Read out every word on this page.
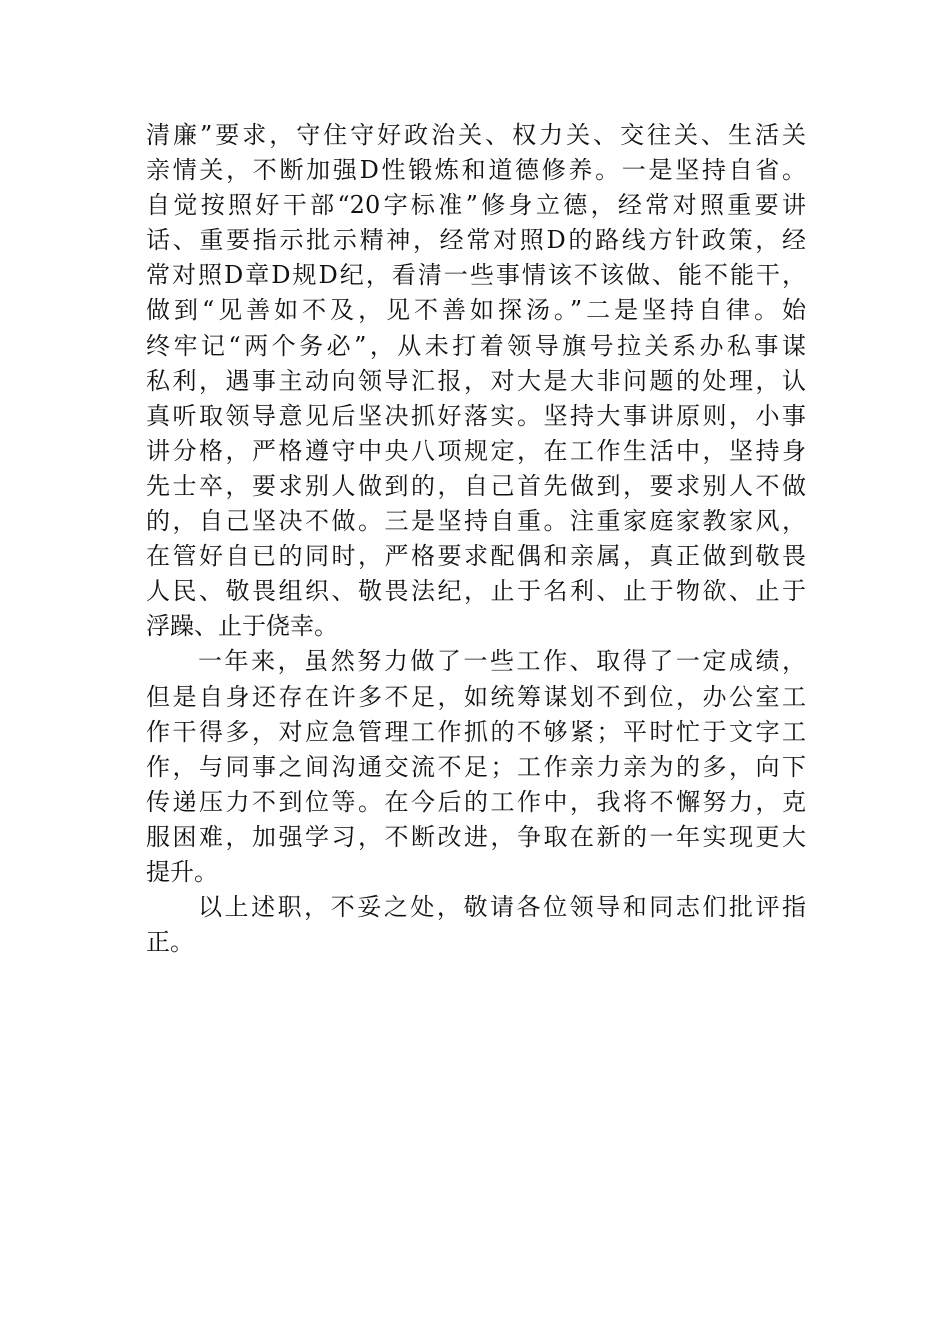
清廉”要求，守住守好政治关、权力关、交往关、生活关
亲情关，不断加强D性锻炼和道德修养。一是坚持自省。
自觉按照好干部“20字标准”修身立德，经常对照重要讲
话、重要指示批示精神，经常对照D的路线方针政策，经
常对照D章D规D纪，看清一些事情该不该做、能不能干，
做到“见善如不及，见不善如探汤。”二是坚持自律。始
终牢记“两个务必”，从未打着领导旗号拉关系办私事谋
私利，遇事主动向领导汇报，对大是大非问题的处理，认
真听取领导意见后坚决抓好落实。坚持大事讲原则，小事
讲分格，严格遵守中央八项规定，在工作生活中，坚持身
先士卒，要求别人做到的，自己首先做到，要求别人不做
的，自己坚决不做。三是坚持自重。注重家庭家教家风，
在管好自已的同时，严格要求配偶和亲属，真正做到敬畏
人民、敬畏组织、敬畏法纪，止于名利、止于物欲、止于
浮躁、止于侥幸。
一年来，虽然努力做了一些工作、取得了一定成绩，
但是自身还存在许多不足，如统筹谋划不到位，办公室工
作干得多，对应急管理工作抓的不够紧；平时忙于文字工
作，与同事之间沟通交流不足；工作亲力亲为的多，向下
传递压力不到位等。在今后的工作中，我将不懈努力，克
服困难，加强学习，不断改进，争取在新的一年实现更大
提升。
以上述职，不妥之处，敬请各位领导和同志们批评指
正。
